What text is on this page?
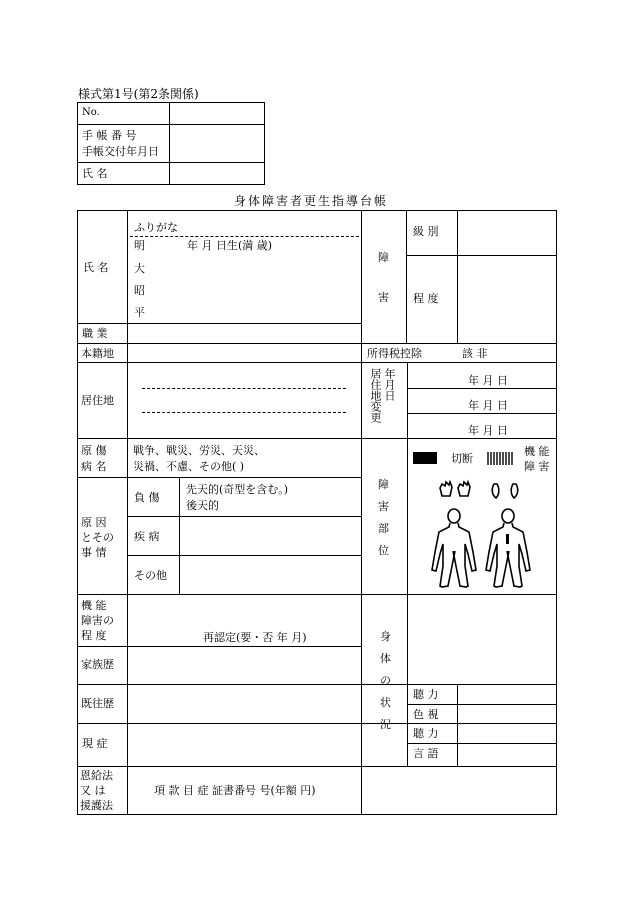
様式第1号(第2条関係)
No.
手 帳 番 号
手帳交付年月日
氏 名
身体障害者更生指導台帳
氏 名
ふりがな
明
大
昭
平
年 月 日生(満 歳)
職 業
本籍地
居住地
障
害
級 別
程 度
所得税控除	該 非
居住地変更 年月日	年 月 日
年 月 日
年 月 日
原 傷
病 名
戦争、戦災、労災、天災、
災禍、不慮、その他( )
原 因
とその
事 情
負 傷
先天的(奇型を含む。)
後天的
疾 病
その他
障
害
部
位
切断
機 能
障 害
機 能
障害の
程 度	再認定(要・否 年 月)
家族歴
既往歴
現 症
身
体
の
状
況
聴 力
色 視
聴 力
言 語
恩給法
又 は
援護法
項 款 目 症 証書番号 号(年額 円)
